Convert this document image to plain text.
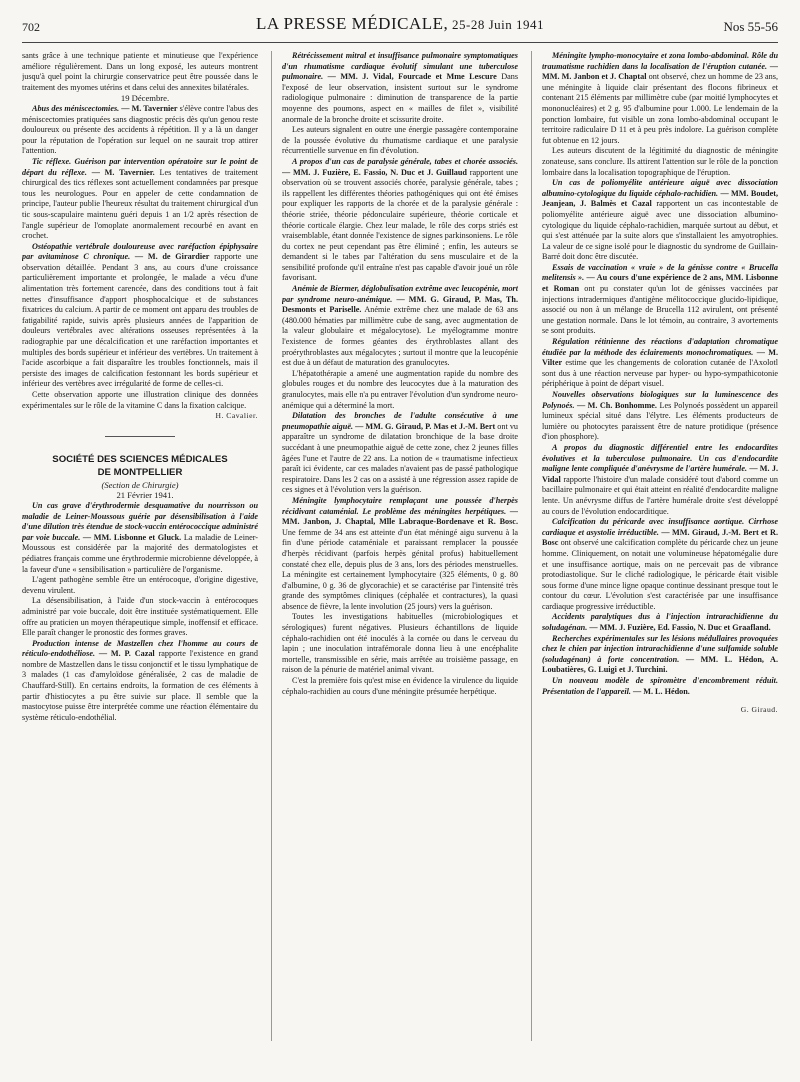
702	LA PRESSE MÉDICALE, 25-28 Juin 1941	Nos 55-56

sants grâce à une technique patiente et minutieuse que l'expérience améliore régulièrement. Dans un long exposé, les auteurs montrent jusqu'à quel point la chirurgie conservatrice peut être poussée dans le traitement des myomes utérins et dans celui des annexites bilatérales.

19 Décembre.

Abus des méniscectomies. — M. Tavernier s'élève contre l'abus des méniscectomies pratiquées sans diagnostic précis dès qu'un genou reste douloureux ou présente des accidents à répétition. Il y a là un danger pour la réputation de l'opération sur lequel on ne saurait trop attirer l'attention.

Tic réflexe. Guérison par intervention opératoire sur le point de départ du réflexe. — M. Tavernier. Les tentatives de traitement chirurgical des tics réflexes sont actuellement condamnées par presque tous les neurologues. Pour en appeler de cette condamnation de principe, l'auteur publie l'heureux résultat du traitement chirurgical d'un tic sous-scapulaire maintenu guéri depuis 1 an 1/2 après résection de l'angle supérieur de l'omoplate anormalement recourbé en avant en crochet.

Ostéopathie vertébrale douloureuse avec raréfaction épiphysaire par avitaminose C chronique. — M. de Girardier rapporte une observation détaillée. Pendant 3 ans, au cours d'une croissance particulièrement importante et prolongée, le malade a vécu d'une alimentation très fortement carencée, dans des conditions tout à fait nettes d'insuffisance d'apport phosphocalcique et de substances fixatrices du calcium. A partir de ce moment ont apparu des troubles de fatigabilité rapide, suivis après plusieurs années de l'apparition de douleurs vertébrales avec altérations osseuses représentées à la radiographie par une décalcification et une raréfaction importantes et multiples des bords supérieur et inférieur des vertèbres. Un traitement à l'acide ascorbique a fait disparaître les troubles fonctionnels, mais il persiste des images de calcification festonnant les bords supérieur et inférieur des vertèbres avec irrégularité de forme de celles-ci.

Cette observation apporte une illustration clinique des données expérimentales sur le rôle de la vitamine C dans la fixation calcique.

H. Cavalier.

SOCIÉTÉ DES SCIENCES MÉDICALES
DE MONTPELLIER
(Section de Chirurgie)

21 Février 1941.

Un cas grave d'érythrodermie desquamative du nourrisson ou maladie de Leiner-Moussous guérie par désensibilisation à l'aide d'une dilution très étendue de stock-vaccin entérococcique administré par voie buccale. — MM. Lisbonne et Gluck. La maladie de Leiner-Moussous est considérée par la majorité des dermatologistes et pédiatres français comme une érythrodermie microbienne développée, à la faveur d'une « sensibilisation » particulière de l'organisme.

L'agent pathogène semble être un entérocoque, d'origine digestive, devenu virulent.

La désensibilisation, à l'aide d'un stock-vaccin à entérocoques administré par voie buccale, doit être instituée systématiquement. Elle offre au praticien un moyen thérapeutique simple, inoffensif et efficace. Elle paraît changer le pronostic des formes graves.

Production intense de Mastzellen chez l'homme au cours de réticulo-endothéliose. — M. P. Cazal rapporte l'existence en grand nombre de Mastzellen dans le tissu conjonctif et le tissu lymphatique de 3 malades (1 cas d'amyloïdose généralisée, 2 cas de maladie de Chauffard-Still). En certains endroits, la formation de ces éléments à partir d'histiocytes a pu être suivie sur place. Il semble que la mastocytose puisse être interprétée comme une réaction élémentaire du système réticulo-endothélial.

Rétrécissement mitral et insuffisance pulmonaire symptomatiques d'un rhumatisme cardiaque évolutif simulant une tuberculose pulmonaire. — MM. J. Vidal, Fourcade et Mme Lescure Dans l'exposé de leur observation, insistent surtout sur le syndrome radiologique pulmonaire : diminution de transparence de la partie moyenne des poumons, aspect en « mailles de filet », visibilité anormale de la bronche droite et scissurite droite.

Les auteurs signalent en outre une énergie passagère contemporaine de la poussée évolutive du rhumatisme cardiaque et une paralysie récurrentielle survenue en fin d'évolution.

A propos d'un cas de paralysie générale, tabes et chorée associés. — MM. J. Fuzière, E. Fassio, N. Duc et J. Guillaud rapportent une observation où se trouvent associés chorée, paralysie générale, tabes ; ils rappellent les différentes théories pathogéniques qui ont été émises pour expliquer les rapports de la chorée et de la paralysie générale : théorie striée, théorie pédonculaire supérieure, théorie corticale et théorie corticale élargie. Chez leur malade, le rôle des corps striés est vraisemblable, étant donnée l'existence de signes parkinsoniens. Le rôle du cortex ne peut cependant pas être éliminé ; enfin, les auteurs se demandent si le tabes par l'altération du sens musculaire et de la sensibilité profonde qu'il entraîne n'est pas capable d'avoir joué un rôle favorisant.

Anémie de Biermer, déglobulisation extrême avec leucopénie, mort par syndrome neuro-anémique. — MM. G. Giraud, P. Mas, Th. Desmonts et Pariselle. Anémie extrême chez une malade de 63 ans (480.000 hématies par millimètre cube de sang, avec augmentation de la valeur globulaire et mégalocytose). Le myélogramme montre l'existence de formes géantes des érythroblastes allant des proérythroblastes aux mégalocytes ; surtout il montre que la leucopénie est due à un défaut de maturation des granulocytes.

L'hépatothérapie a amené une augmentation rapide du nombre des globules rouges et du nombre des leucocytes due à la maturation des granulocytes, mais elle n'a pu entraver l'évolution d'un syndrome neuro-anémique qui a déterminé la mort.

Dilatation des bronches de l'adulte consécutive à une pneumopathie aiguë. — MM. G. Giraud, P. Mas et J.-M. Bert ont vu apparaître un syndrome de dilatation bronchique de la base droite succédant à une pneumopathie aiguë de cette zone, chez 2 jeunes filles âgées l'une et l'autre de 22 ans. La notion de « traumatisme infectieux paraît ici évidente, car ces malades n'avaient pas de passé pathologique respiratoire. Dans les 2 cas on a assisté à une régression assez rapide de ces signes et à l'évolution vers la guérison.

Méningite lymphocytaire remplaçant une poussée d'herpès récidivant cataménial. Le problème des méningites herpétiques. — MM. Janbon, J. Chaptal, Mlle Labraque-Bordenave et R. Bosc. Une femme de 34 ans est atteinte d'un état méningé aigu survenu à la fin d'une période cataméniale et paraissant remplacer la poussée d'herpès récidivant (parfois herpès génital profus) habituellement constaté chez elle, depuis plus de 3 ans, lors des périodes menstruelles. La méningite est certainement lymphocytaire (325 éléments, 0 g. 80 d'albumine, 0 g. 36 de glycorachie) et se caractérise par l'intensité très grande des symptômes cliniques (céphalée et contractures), la quasi absence de fièvre, la lente involution (25 jours) vers la guérison.

Toutes les investigations habituelles (microbiologiques et sérologiques) furent négatives. Plusieurs échantillons de liquide céphalo-rachidien ont été inoculés à la cornée ou dans le cerveau du lapin ; une inoculation intrafémorale donna lieu à une encéphalite mortelle, transmissible en série, mais arrêtée au troisième passage, en raison de la pénurie de matériel animal vivant.

C'est la première fois qu'est mise en évidence la virulence du liquide céphalo-rachidien au cours d'une méningite présumée herpétique.

Méningite lympho-monocytaire et zona lombo-abdominal. Rôle du traumatisme rachidien dans la localisation de l'éruption cutanée. — MM. M. Janbon et J. Chaptal ont observé, chez un homme de 23 ans, une méningite à liquide clair présentant des flocons fibrineux et contenant 215 éléments par millimètre cube (par moitié lymphocytes et mononucléaires) et 2 g. 95 d'albumine pour 1.000. Le lendemain de la ponction lombaire, fut visible un zona lombo-abdominal occupant le territoire radiculaire D 11 et à peu près indolore. La guérison complète fut obtenue en 12 jours.

Les auteurs discutent de la légitimité du diagnostic de méningite zonateuse, sans conclure. Ils attirent l'attention sur le rôle de la ponction lombaire dans la localisation topographique de l'éruption.

Un cas de poliomyélite antérieure aiguë avec dissociation albumino-cytologique du liquide céphalo-rachidien. — MM. Boudet, Jeanjean, J. Balmès et Cazal rapportent un cas incontestable de poliomyélite antérieure aiguë avec une dissociation albumino-cytologique du liquide céphalo-rachidien, marquée surtout au début, et qui s'est atténuée par la suite alors que s'installaient les amyotrophies. La valeur de ce signe isolé pour le diagnostic du syndrome de Guillain-Barré doit donc être discutée.

Essais de vaccination « vraie » de la génisse contre « Brucella melitensis ». — Au cours d'une expérience de 2 ans, MM. Lisbonne et Roman ont pu constater qu'un lot de génisses vaccinées par injections intradermiques d'antigène mélitococcique glucido-lipidique, associé ou non à un mélange de Brucella 112 avirulent, ont présenté une gestation normale. Dans le lot témoin, au contraire, 3 avortements se sont produits.

Régulation rétinienne des réactions d'adaptation chromatique étudiée par la méthode des éclairements monochromatiques. — M. Vilter estime que les changements de coloration cutanée de l'Axolotl sont dus à une réaction nerveuse par hyper- ou hypo-sympathicotonie périphérique à point de départ visuel.

Nouvelles observations biologiques sur la luminescence des Polynoés. — M. Ch. Bonhomme. Les Polynoés possèdent un appareil lumineux spécial situé dans l'élytre. Les éléments producteurs de lumière ou photocytes paraissent être de nature protidique (présence d'ion phosphore).

A propos du diagnostic différentiel entre les endocardites évolutives et la tuberculose pulmonaire. Un cas d'endocardite maligne lente compliquée d'anévrysme de l'artère humérale. — M. J. Vidal rapporte l'histoire d'un malade considéré tout d'abord comme un bacillaire pulmonaire et qui était atteint en réalité d'endocardite maligne lente. Un anévrysme diffus de l'artère humérale droite s'est développé au cours de l'évolution endocarditique.

Calcification du péricarde avec insuffisance aortique. Cirrhose cardiaque et asystolie irréductible. — MM. Giraud, J.-M. Bert et R. Bosc ont observé une calcification complète du péricarde chez un jeune homme. Cliniquement, on notait une volumineuse hépatomégalie dure et une insuffisance aortique, mais on ne percevait pas de vibrance protodiastolique. Sur le cliché radiologique, le péricarde était visible sous forme d'une mince ligne opaque continue dessinant presque tout le contour du cœur. L'évolution s'est caractérisée par une insuffisance cardiaque progressive irréductible.

Accidents paralytiques dus à l'injection intrarachidienne du soludagénan. — MM. J. Fuzière, Ed. Fassio, N. Duc et Graafland.

Recherches expérimentales sur les lésions médullaires provoquées chez le chien par injection intrarachidienne d'une sulfamide soluble (soludagénan) à forte concentration. — MM. L. Hédon, A. Loubatières, G. Luigi et J. Turchini.

Un nouveau modèle de spiromètre d'encombrement réduit. Présentation de l'appareil. — M. L. Hédon.

G. Giraud.
